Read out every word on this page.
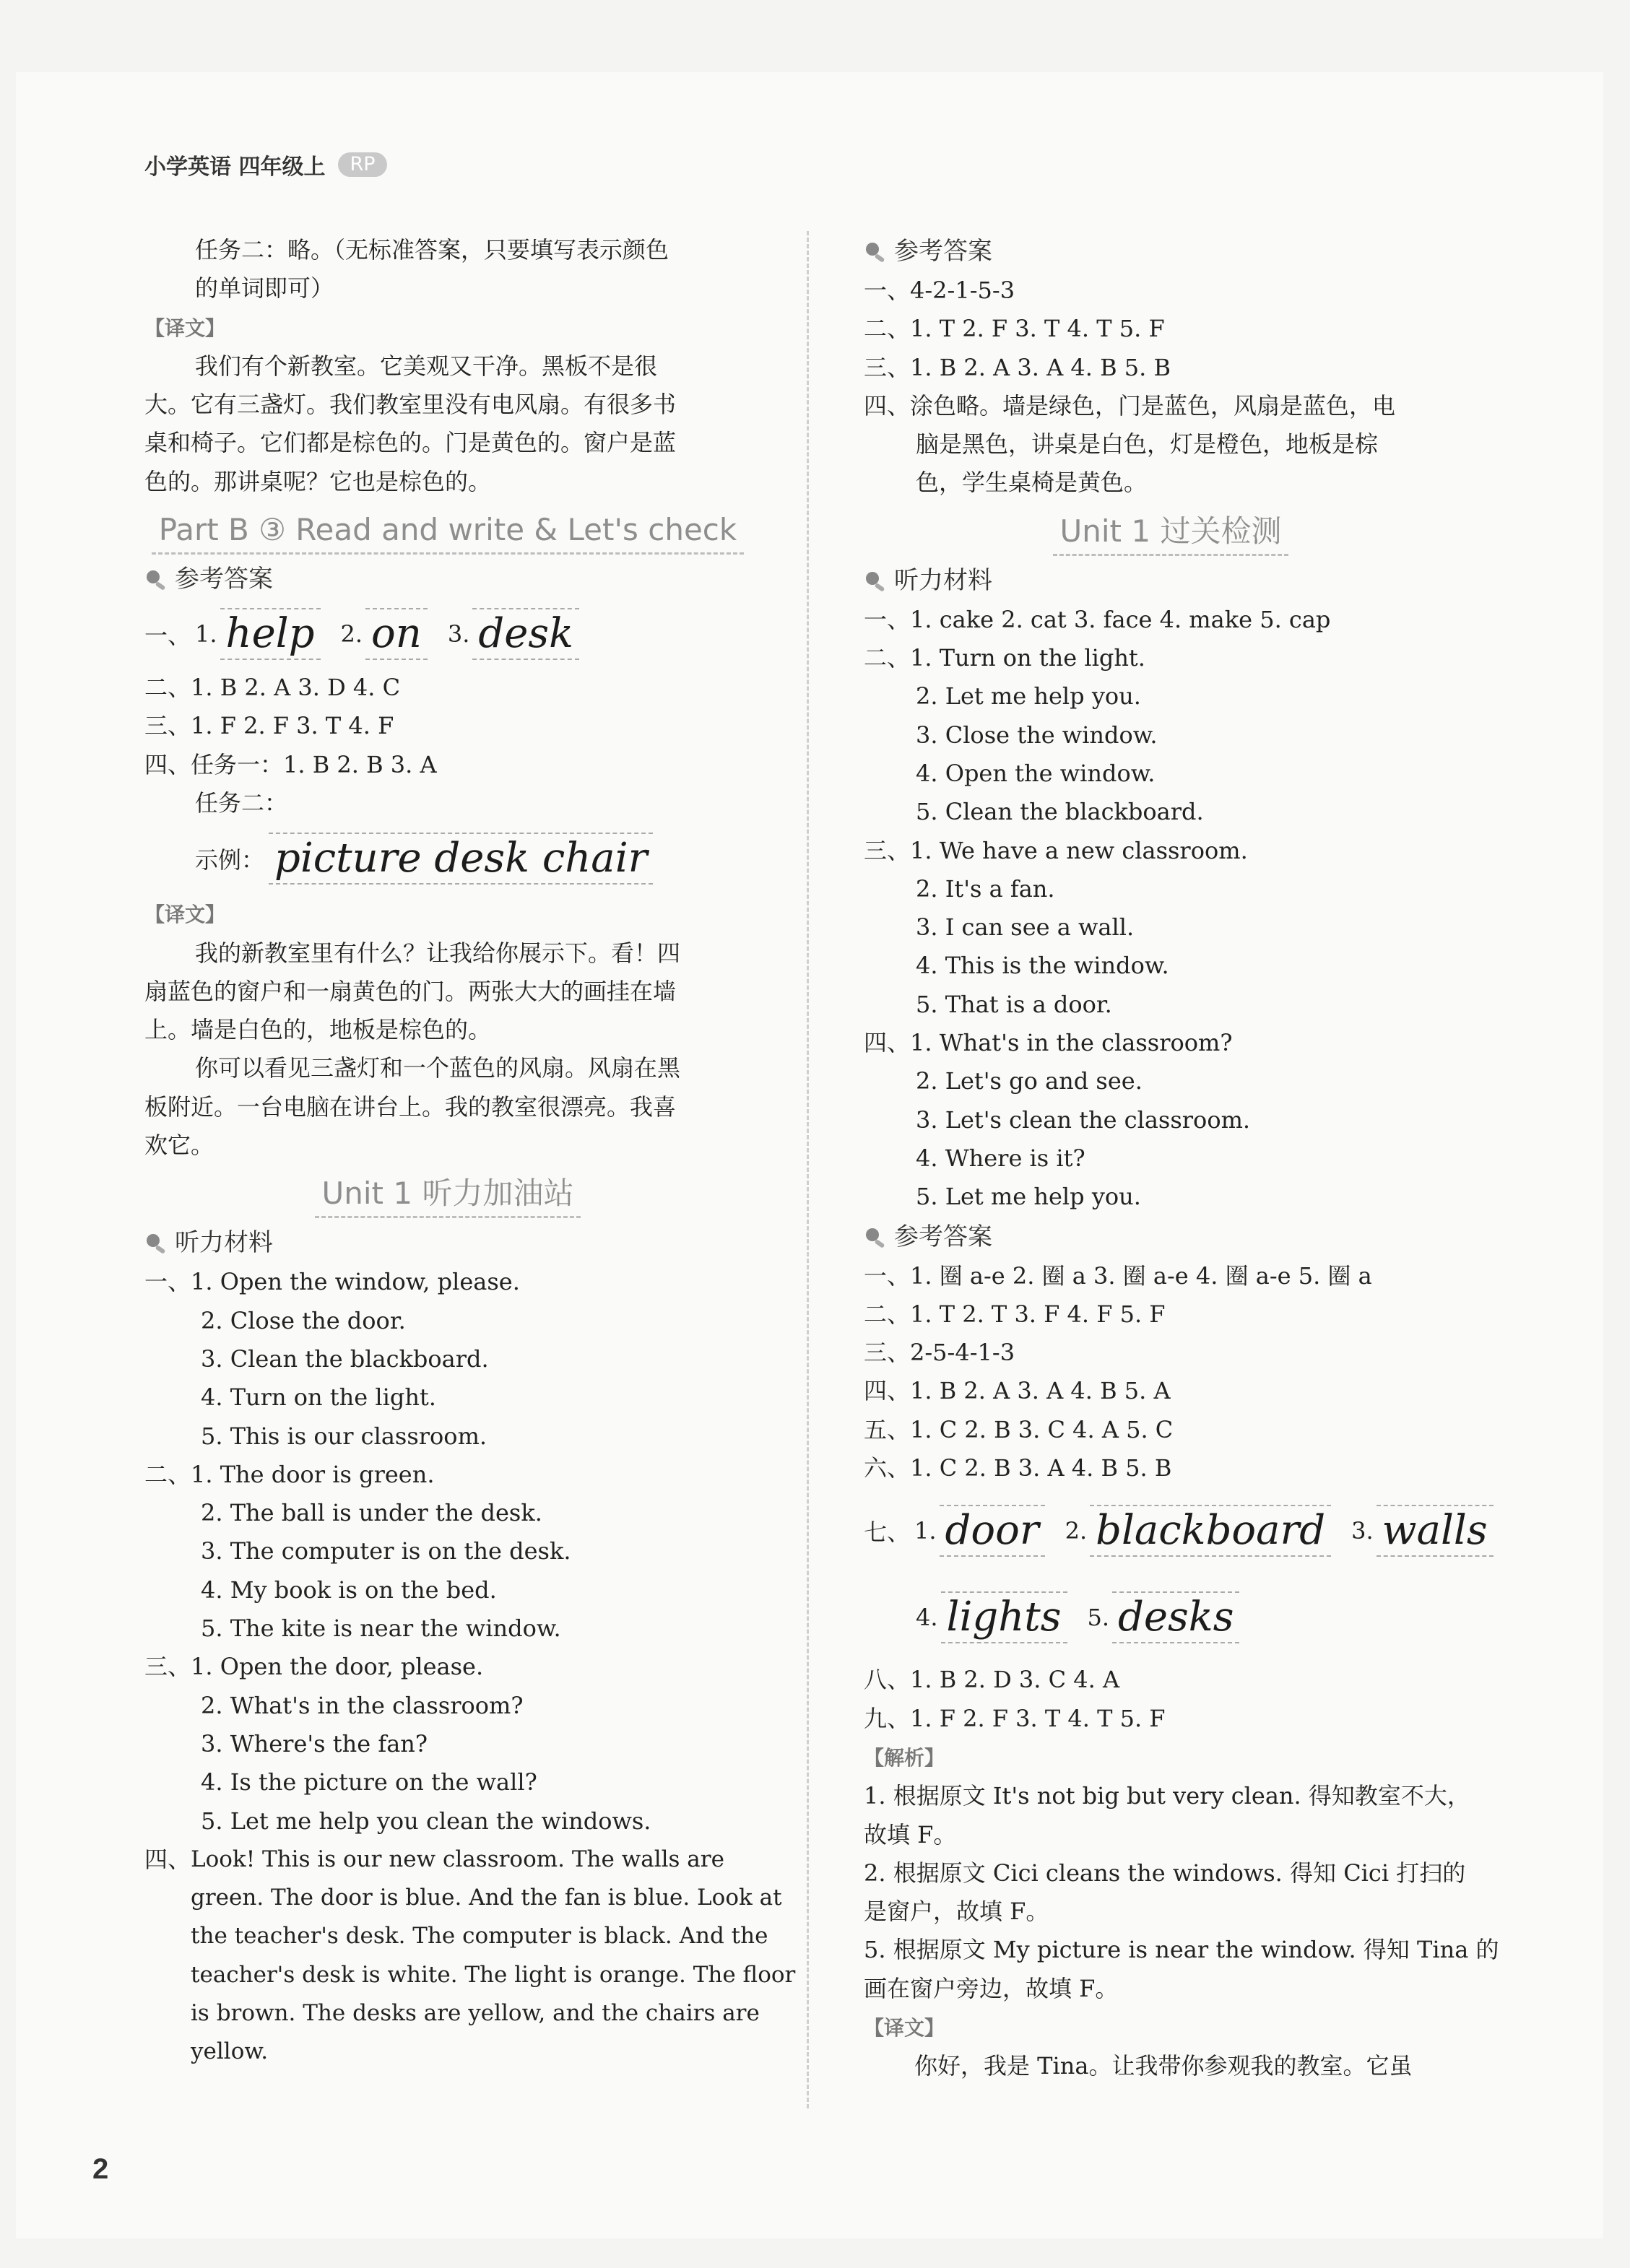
小学英语 四年级上	RP
任务二：略。（无标准答案，只要填写表示颜色
的单词即可）
【译文】
我们有个新教室。它美观又干净。黑板不是很
大。它有三盏灯。我们教室里没有电风扇。有很多书
桌和椅子。它们都是棕色的。门是黄色的。窗户是蓝
色的。那讲桌呢？它也是棕色的。
Part B ③ Read and write & Let's check
参考答案
一、 1. help 2. on 3. desk
二、1. B 2. A 3. D 4. C
三、1. F 2. F 3. T 4. F
四、任务一：1. B 2. B 3. A
任务二：
示例： picture desk chair
【译文】
我的新教室里有什么？让我给你展示下。看！四
扇蓝色的窗户和一扇黄色的门。两张大大的画挂在墙
上。墙是白色的，地板是棕色的。
你可以看见三盏灯和一个蓝色的风扇。风扇在黑
板附近。一台电脑在讲台上。我的教室很漂亮。我喜
欢它。
Unit 1 听力加油站
听力材料
一、1. Open the window, please.
2. Close the door.
3. Clean the blackboard.
4. Turn on the light.
5. This is our classroom.
二、1. The door is green.
2. The ball is under the desk.
3. The computer is on the desk.
4. My book is on the bed.
5. The kite is near the window.
三、1. Open the door, please.
2. What's in the classroom?
3. Where's the fan?
4. Is the picture on the wall?
5. Let me help you clean the windows.
四、 Look! This is our new classroom. The walls are
green. The door is blue. And the fan is blue. Look at
the teacher's desk. The computer is black. And the
teacher's desk is white. The light is orange. The floor
is brown. The desks are yellow, and the chairs are
yellow.
参考答案
一、4-2-1-5-3
二、1. T 2. F 3. T 4. T 5. F
三、1. B 2. A 3. A 4. B 5. B
四、涂色略。墙是绿色，门是蓝色，风扇是蓝色，电
脑是黑色，讲桌是白色，灯是橙色，地板是棕
色，学生桌椅是黄色。
Unit 1 过关检测
听力材料
一、1. cake 2. cat 3. face 4. make 5. cap
二、1. Turn on the light.
2. Let me help you.
3. Close the window.
4. Open the window.
5. Clean the blackboard.
三、1. We have a new classroom.
2. It's a fan.
3. I can see a wall.
4. This is the window.
5. That is a door.
四、1. What's in the classroom?
2. Let's go and see.
3. Let's clean the classroom.
4. Where is it?
5. Let me help you.
参考答案
一、1. 圈 a-e 2. 圈 a 3. 圈 a-e 4. 圈 a-e 5. 圈 a
二、1. T 2. T 3. F 4. F 5. F
三、2-5-4-1-3
四、1. B 2. A 3. A 4. B 5. A
五、1. C 2. B 3. C 4. A 5. C
六、1. C 2. B 3. A 4. B 5. B
七、 1. door 2. blackboard 3. walls
4. lights 5. desks
八、1. B 2. D 3. C 4. A
九、1. F 2. F 3. T 4. T 5. F
【解析】
1. 根据原文 It's not big but very clean. 得知教室不大，
故填 F。
2. 根据原文 Cici cleans the windows. 得知 Cici 打扫的
是窗户，故填 F。
5. 根据原文 My picture is near the window. 得知 Tina 的
画在窗户旁边，故填 F。
【译文】
你好，我是 Tina。让我带你参观我的教室。它虽
2
